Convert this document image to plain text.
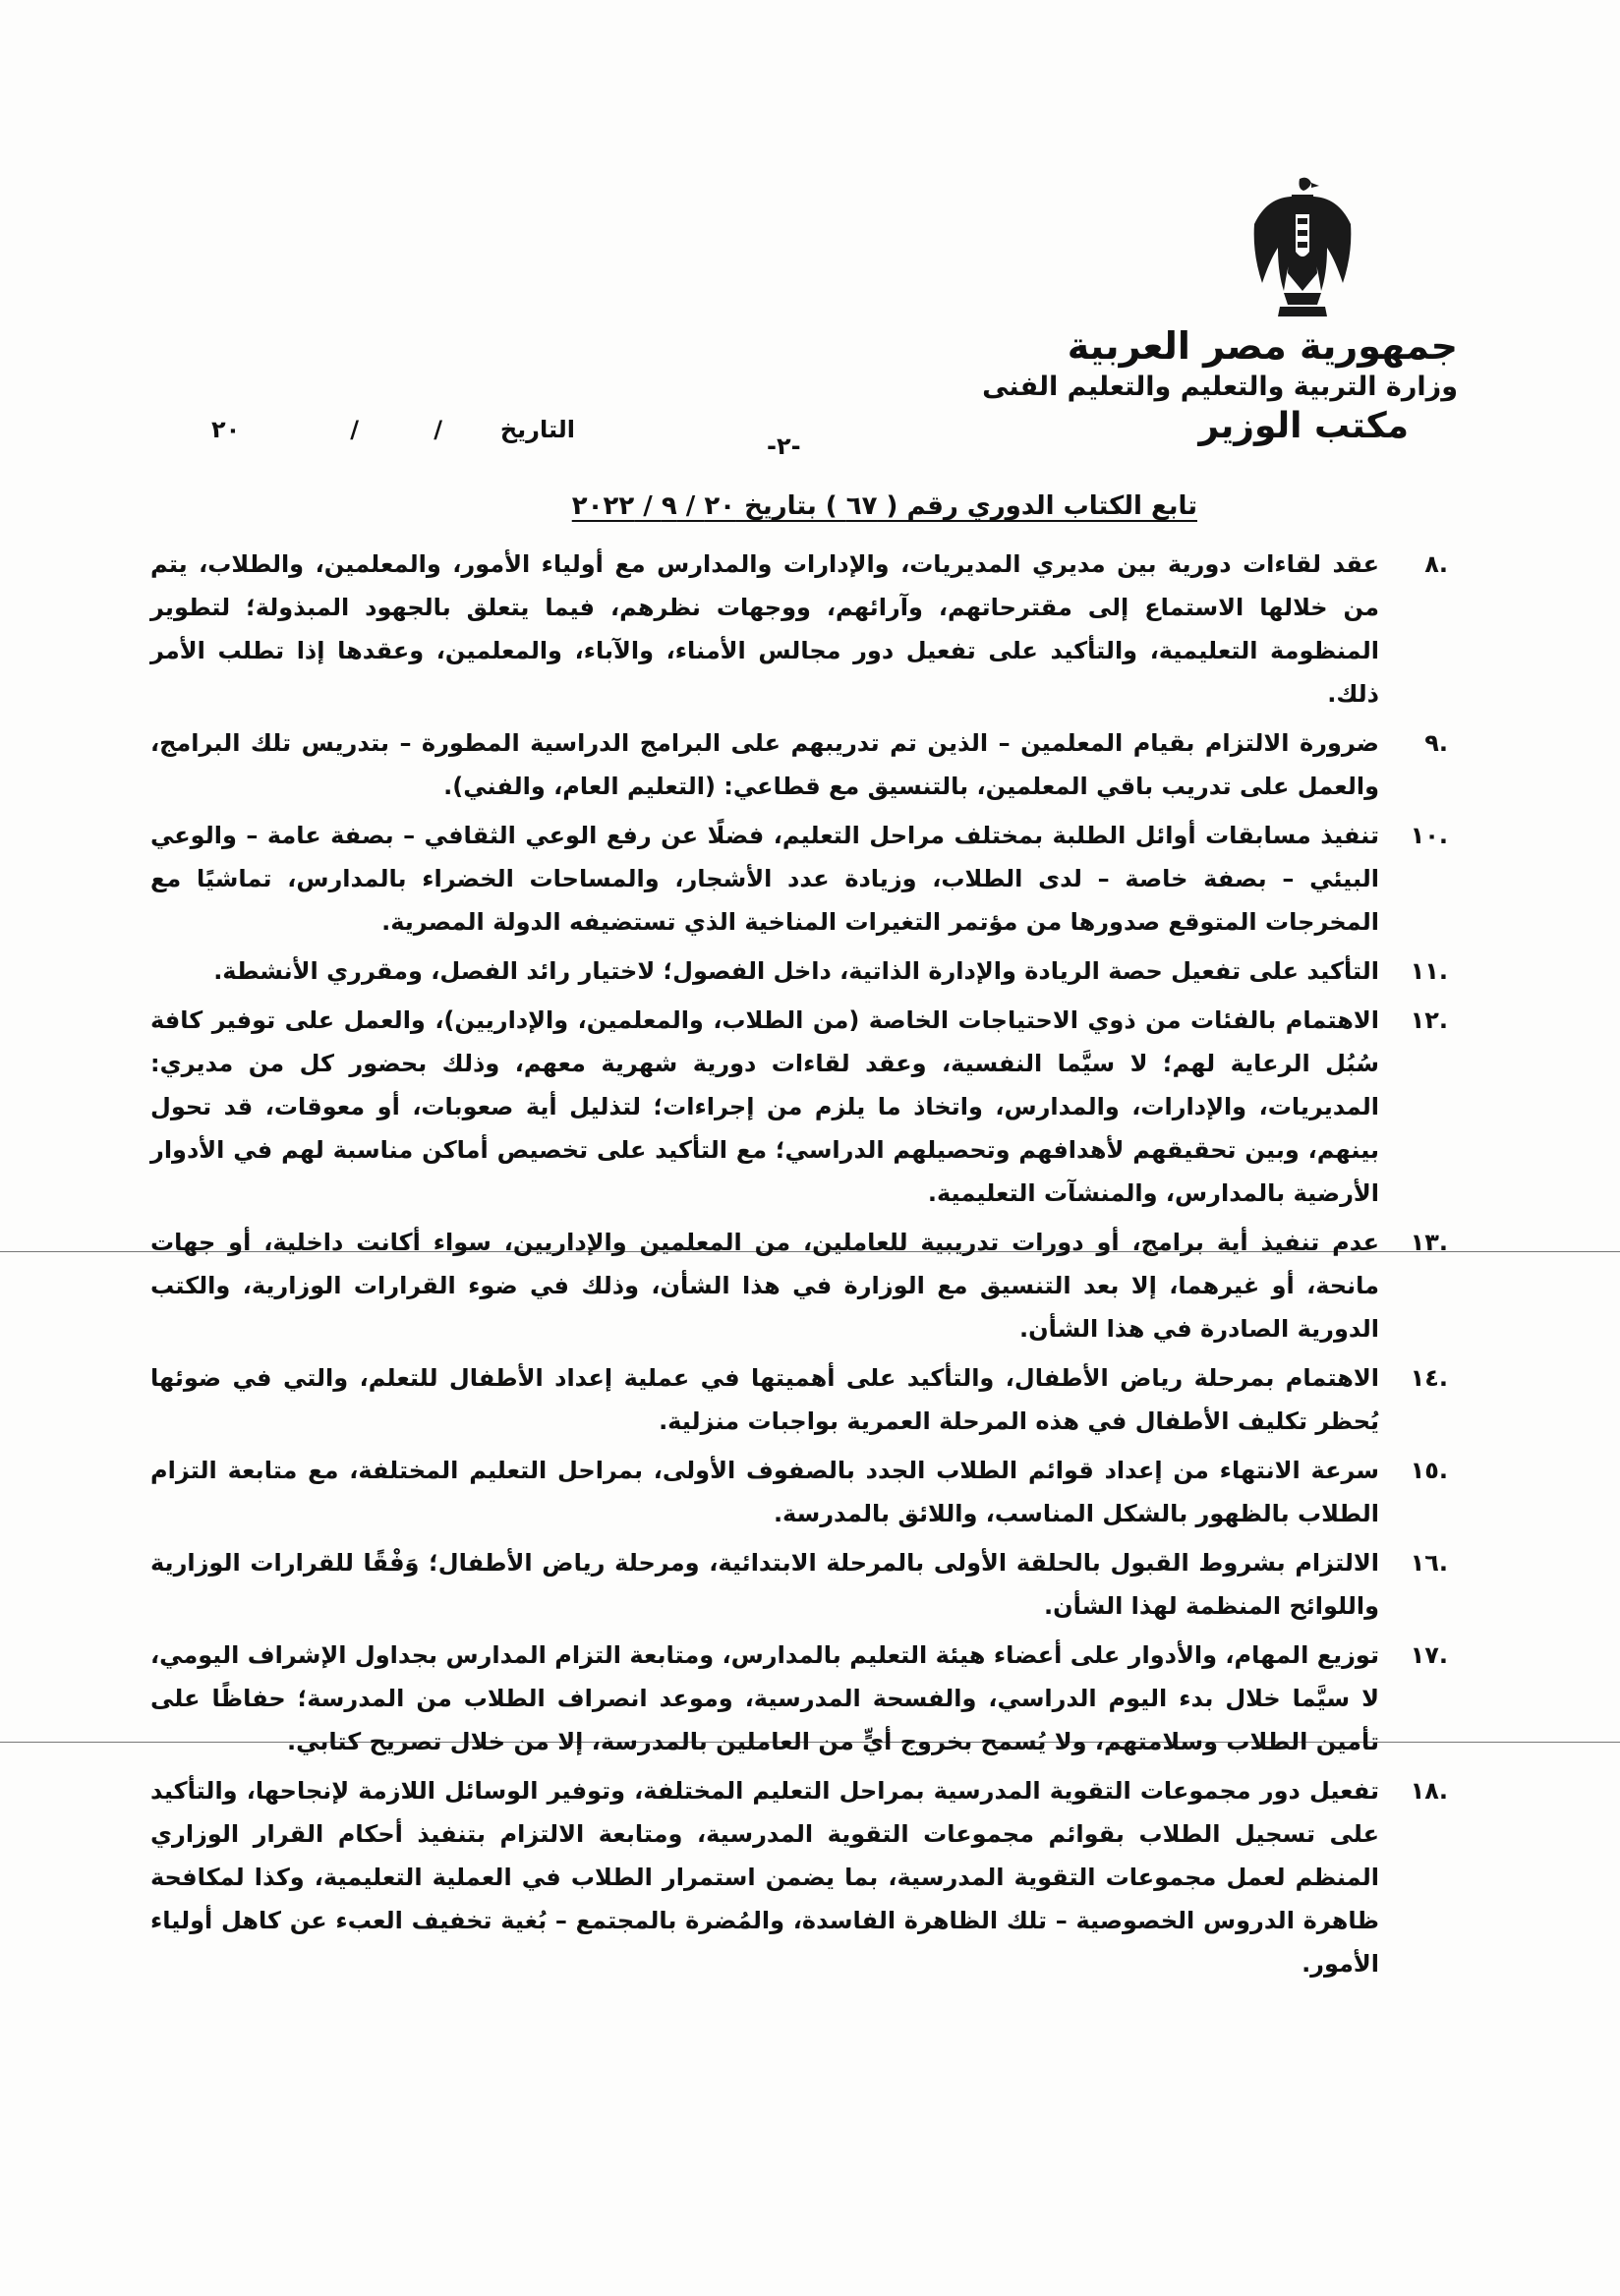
جمهورية مصر العربية
وزارة التربية والتعليم والتعليم الفنى
مكتب الوزير
التاريخ
/
/
٢٠
-٢-
تابع الكتاب الدوري رقم ( ٦٧ ) بتاريخ ٢٠ / ٩ / ٢٠٢٢
.٨
عقد لقاءات دورية بين مديري المديريات، والإدارات والمدارس مع أولياء الأمور، والمعلمين، والطلاب، يتم من خلالها الاستماع إلى مقترحاتهم، وآرائهم، ووجهات نظرهم، فيما يتعلق بالجهود المبذولة؛ لتطوير المنظومة التعليمية، والتأكيد على تفعيل دور مجالس الأمناء، والآباء، والمعلمين، وعقدها إذا تطلب الأمر ذلك.
.٩
ضرورة الالتزام بقيام المعلمين – الذين تم تدريبهم على البرامج الدراسية المطورة – بتدريس تلك البرامج، والعمل على تدريب باقي المعلمين، بالتنسيق مع قطاعي: (التعليم العام، والفني).
.١٠
تنفيذ مسابقات أوائل الطلبة بمختلف مراحل التعليم، فضلًا عن رفع الوعي الثقافي – بصفة عامة – والوعي البيئي – بصفة خاصة – لدى الطلاب، وزيادة عدد الأشجار، والمساحات الخضراء بالمدارس، تماشيًا مع المخرجات المتوقع صدورها من مؤتمر التغيرات المناخية الذي تستضيفه الدولة المصرية.
.١١
التأكيد على تفعيل حصة الريادة والإدارة الذاتية، داخل الفصول؛ لاختيار رائد الفصل، ومقرري الأنشطة.
.١٢
الاهتمام بالفئات من ذوي الاحتياجات الخاصة (من الطلاب، والمعلمين، والإداريين)، والعمل على توفير كافة سُبُل الرعاية لهم؛ لا سيَّما النفسية، وعقد لقاءات دورية شهرية معهم، وذلك بحضور كل من مديري: المديريات، والإدارات، والمدارس، واتخاذ ما يلزم من إجراءات؛ لتذليل أية صعوبات، أو معوقات، قد تحول بينهم، وبين تحقيقهم لأهدافهم وتحصيلهم الدراسي؛ مع التأكيد على تخصيص أماكن مناسبة لهم في الأدوار الأرضية بالمدارس، والمنشآت التعليمية.
.١٣
عدم تنفيذ أية برامج، أو دورات تدريبية للعاملين، من المعلمين والإداريين، سواء أكانت داخلية، أو جهات مانحة، أو غيرهما، إلا بعد التنسيق مع الوزارة في هذا الشأن، وذلك في ضوء القرارات الوزارية، والكتب الدورية الصادرة في هذا الشأن.
.١٤
الاهتمام بمرحلة رياض الأطفال، والتأكيد على أهميتها في عملية إعداد الأطفال للتعلم، والتي في ضوئها يُحظر تكليف الأطفال في هذه المرحلة العمرية بواجبات منزلية.
.١٥
سرعة الانتهاء من إعداد قوائم الطلاب الجدد بالصفوف الأولى، بمراحل التعليم المختلفة، مع متابعة التزام الطلاب بالظهور بالشكل المناسب، واللائق بالمدرسة.
.١٦
الالتزام بشروط القبول بالحلقة الأولى بالمرحلة الابتدائية، ومرحلة رياض الأطفال؛ وَفْقًا للقرارات الوزارية واللوائح المنظمة لهذا الشأن.
.١٧
توزيع المهام، والأدوار على أعضاء هيئة التعليم بالمدارس، ومتابعة التزام المدارس بجداول الإشراف اليومي، لا سيَّما خلال بدء اليوم الدراسي، والفسحة المدرسية، وموعد انصراف الطلاب من المدرسة؛ حفاظًا على تأمين الطلاب وسلامتهم، ولا يُسمح بخروج أيٍّ من العاملين بالمدرسة، إلا من خلال تصريح كتابي.
.١٨
تفعيل دور مجموعات التقوية المدرسية بمراحل التعليم المختلفة، وتوفير الوسائل اللازمة لإنجاحها، والتأكيد على تسجيل الطلاب بقوائم مجموعات التقوية المدرسية، ومتابعة الالتزام بتنفيذ أحكام القرار الوزاري المنظم لعمل مجموعات التقوية المدرسية، بما يضمن استمرار الطلاب في العملية التعليمية، وكذا لمكافحة ظاهرة الدروس الخصوصية – تلك الظاهرة الفاسدة، والمُضرة بالمجتمع – بُغية تخفيف العبء عن كاهل أولياء الأمور.
